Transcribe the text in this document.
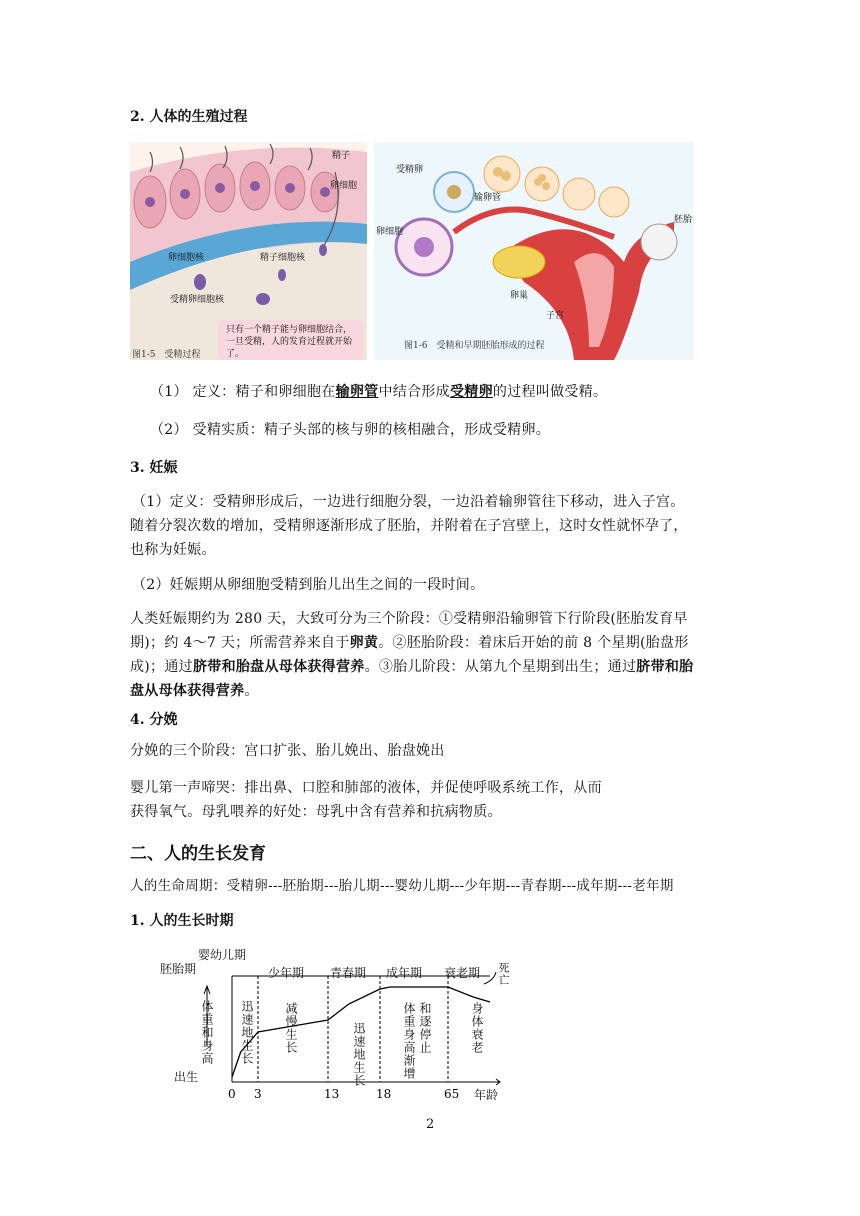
2. 人体的生殖过程
精子
卵细胞
卵细胞核	精子细胞核
受精卵细胞核
只有一个精子能与卵细胞结合，一旦受精，人的发育过程就开始了。
图1-5　受精过程
受精卵
输卵管
卵细胞
胚胎
卵巢
子宫
图1-6　受精和早期胚胎形成的过程
（1） 定义：精子和卵细胞在输卵管中结合形成受精卵的过程叫做受精。
（2） 受精实质：精子头部的核与卵的核相融合，形成受精卵。
3. 妊娠
（1）定义：受精卵形成后，一边进行细胞分裂，一边沿着输卵管往下移动，进入子宫。
随着分裂次数的增加，受精卵逐渐形成了胚胎，并附着在子宫壁上，这时女性就怀孕了，
也称为妊娠。
（2）妊娠期从卵细胞受精到胎儿出生之间的一段时间。
人类妊娠期约为 280 天，大致可分为三个阶段：①受精卵沿输卵管下行阶段(胚胎发育早
期)；约 4～7 天；所需营养来自于卵黄。②胚胎阶段：着床后开始的前 8 个星期(胎盘形
成)；通过脐带和胎盘从母体获得营养。③胎儿阶段：从第九个星期到出生；通过脐带和胎
盘从母体获得营养。
4. 分娩
分娩的三个阶段：宫口扩张、胎儿娩出、胎盘娩出
婴儿第一声啼哭：排出鼻、口腔和肺部的液体，并促使呼吸系统工作，从而
获得氧气。母乳喂养的好处：母乳中含有营养和抗病物质。
二、人的生长发育
人的生命周期：受精卵---胚胎期---胎儿期---婴幼儿期---少年期---青春期---成年期---老年期
1. 人的生长时期
0 3	13	18	65
胚胎期
婴幼儿期
少年期 青春期 成年期 衰老期
体重和身高
出生
死亡
年龄
迅速地生长	减慢生长	迅速地生长	体重身高渐增 和逐停止	身体衰老
2
